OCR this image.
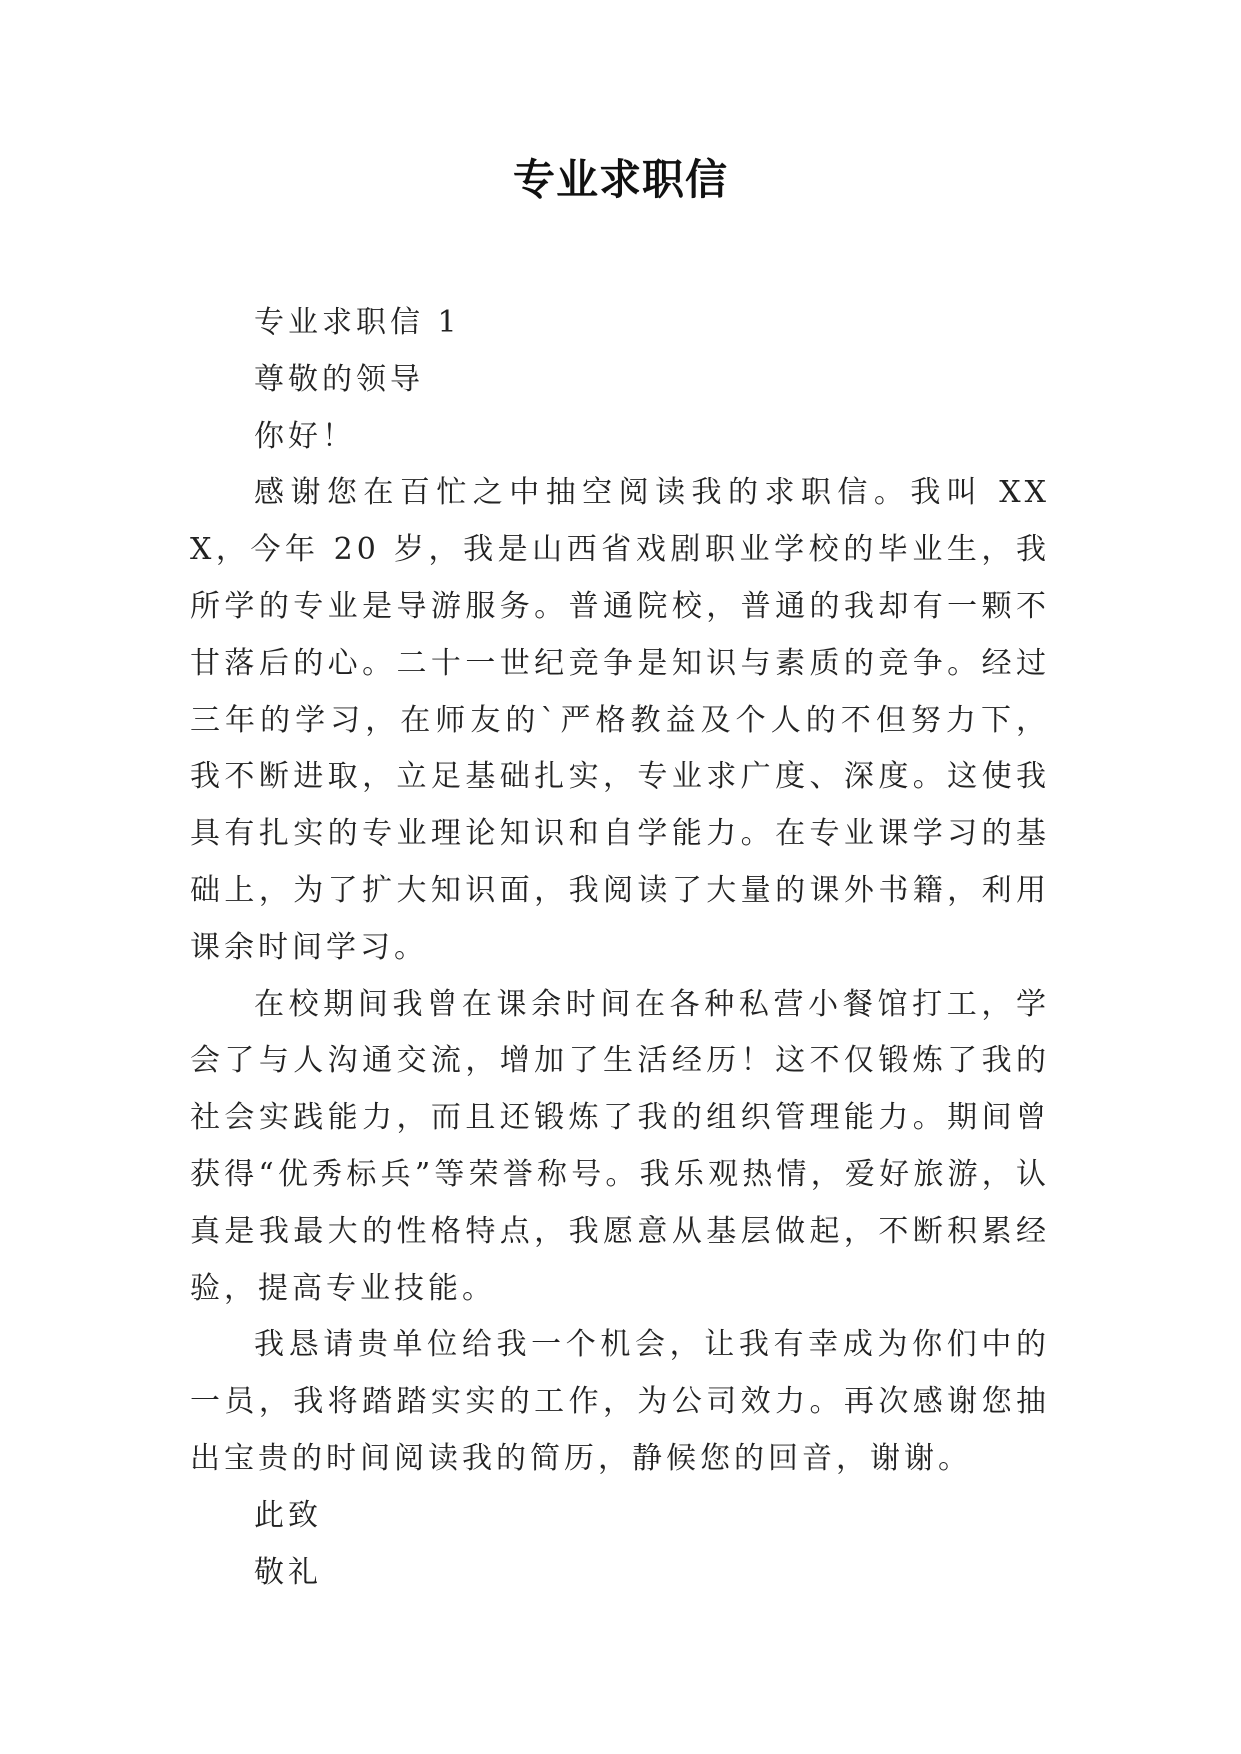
专业求职信

专业求职信 1

尊敬的领导

你好！

感谢您在百忙之中抽空阅读我的求职信。我叫 XXX，今年 20 岁，我是山西省戏剧职业学校的毕业生，我所学的专业是导游服务。普通院校，普通的我却有一颗不甘落后的心。二十一世纪竞争是知识与素质的竞争。经过三年的学习，在师友的`严格教益及个人的不但努力下，我不断进取，立足基础扎实，专业求广度、深度。这使我具有扎实的专业理论知识和自学能力。在专业课学习的基础上，为了扩大知识面，我阅读了大量的课外书籍，利用课余时间学习。

在校期间我曾在课余时间在各种私营小餐馆打工，学会了与人沟通交流，增加了生活经历！这不仅锻炼了我的社会实践能力，而且还锻炼了我的组织管理能力。期间曾获得“优秀标兵”等荣誉称号。我乐观热情，爱好旅游，认真是我最大的性格特点，我愿意从基层做起，不断积累经验，提高专业技能。

我恳请贵单位给我一个机会，让我有幸成为你们中的一员，我将踏踏实实的工作，为公司效力。再次感谢您抽出宝贵的时间阅读我的简历，静候您的回音，谢谢。

此致

敬礼
